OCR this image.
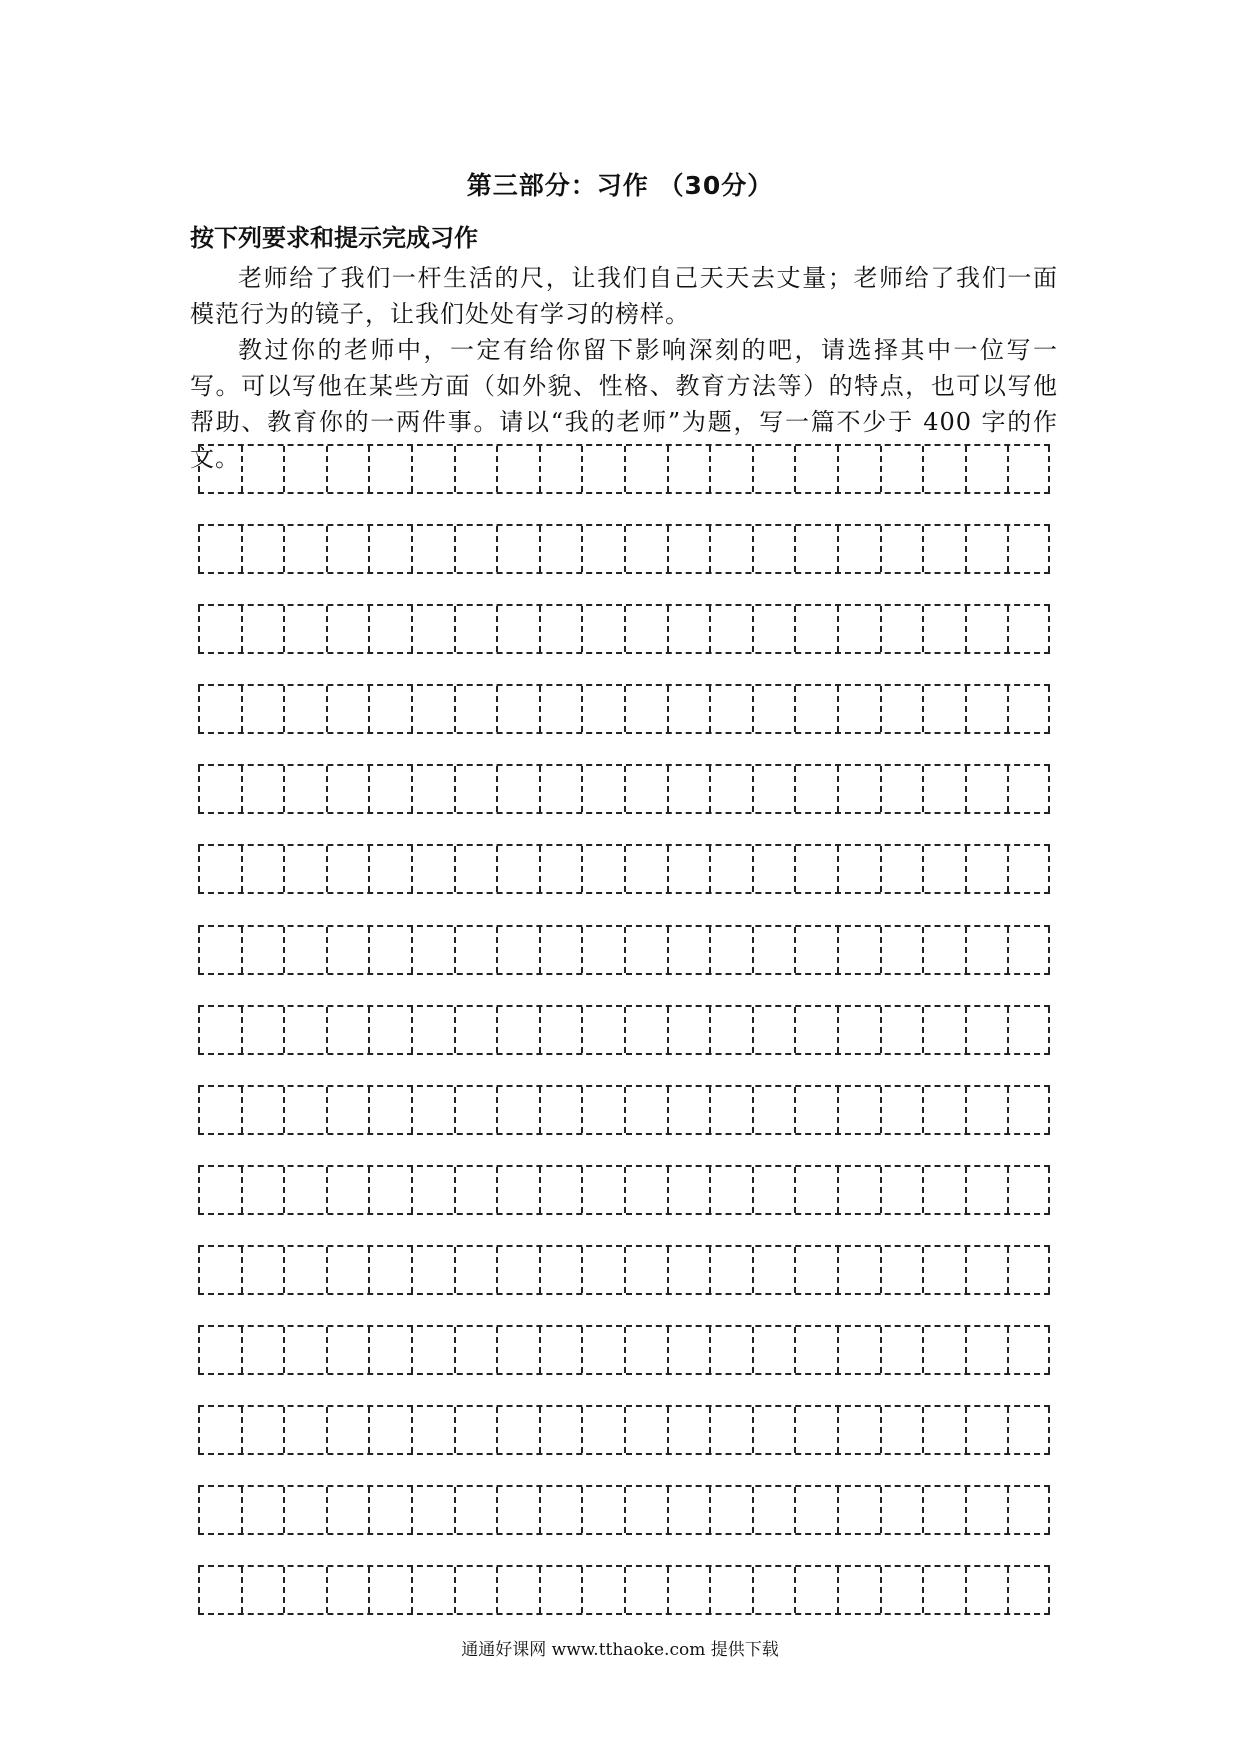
第三部分：习作 （30分）
按下列要求和提示完成习作

老师给了我们一杆生活的尺，让我们自己天天去丈量；老师给了我们一面模范行为的镜子，让我们处处有学习的榜样。

教过你的老师中，一定有给你留下影响深刻的吧，请选择其中一位写一写。可以写他在某些方面（如外貌、性格、教育方法等）的特点，也可以写他帮助、教育你的一两件事。请以“我的老师”为题，写一篇不少于 400 字的作文。

通通好课网 www.tthaoke.com 提供下载
